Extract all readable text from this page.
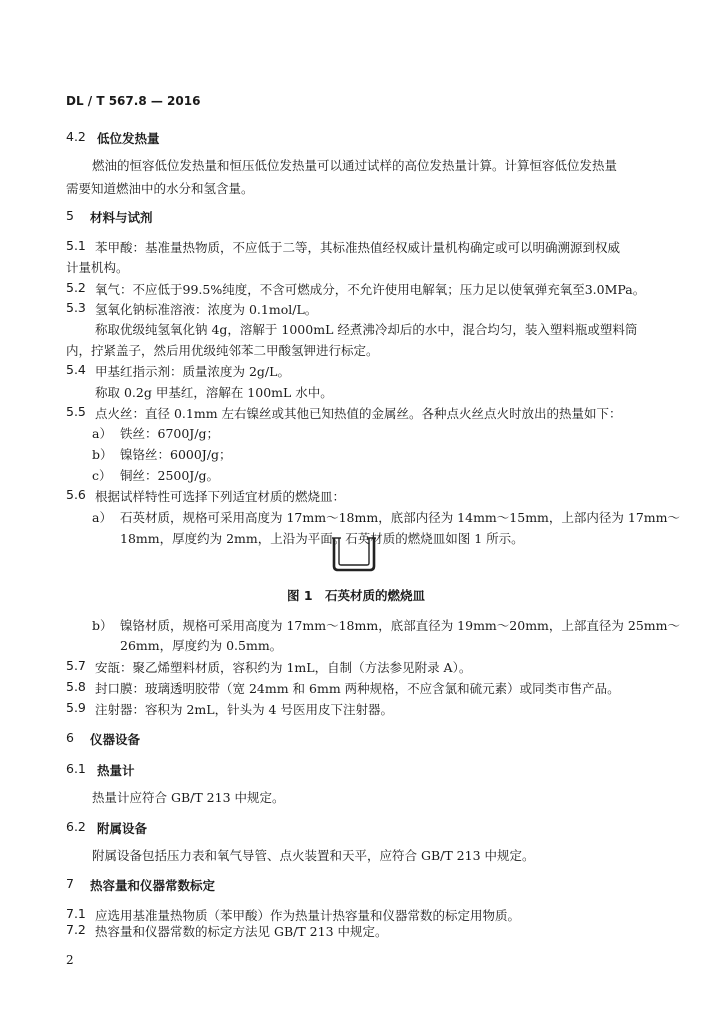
DL / T 567.8 — 2016
4.2 低位发热量
燃油的恒容低位发热量和恒压低位发热量可以通过试样的高位发热量计算。计算恒容低位发热量
需要知道燃油中的水分和氢含量。
5 材料与试剂
5.1 苯甲酸：基准量热物质，不应低于二等，其标准热值经权威计量机构确定或可以明确溯源到权威
计量机构。
5.2 氧气：不应低于99.5%纯度，不含可燃成分，不允许使用电解氧；压力足以使氧弹充氧至3.0MPa。
5.3 氢氧化钠标准溶液：浓度为 0.1mol/L。
称取优级纯氢氧化钠 4g，溶解于 1000mL 经煮沸冷却后的水中，混合均匀，装入塑料瓶或塑料筒
内，拧紧盖子，然后用优级纯邻苯二甲酸氢钾进行标定。
5.4 甲基红指示剂：质量浓度为 2g/L。
称取 0.2g 甲基红，溶解在 100mL 水中。
5.5 点火丝：直径 0.1mm 左右镍丝或其他已知热值的金属丝。各种点火丝点火时放出的热量如下：
a） 铁丝：6700J/g；
b） 镍铬丝：6000J/g；
c） 铜丝：2500J/g。
5.6 根据试样特性可选择下列适宜材质的燃烧皿：
a） 石英材质，规格可采用高度为 17mm～18mm，底部内径为 14mm～15mm，上部内径为 17mm～
18mm，厚度约为 2mm，上沿为平面。石英材质的燃烧皿如图 1 所示。
图 1　石英材质的燃烧皿
b） 镍铬材质，规格可采用高度为 17mm～18mm，底部直径为 19mm～20mm，上部直径为 25mm～
26mm，厚度约为 0.5mm。
5.7 安瓿：聚乙烯塑料材质，容积约为 1mL，自制（方法参见附录 A）。
5.8 封口膜：玻璃透明胶带（宽 24mm 和 6mm 两种规格，不应含氯和硫元素）或同类市售产品。
5.9 注射器：容积为 2mL，针头为 4 号医用皮下注射器。
6 仪器设备
6.1 热量计
热量计应符合 GB/T 213 中规定。
6.2 附属设备
附属设备包括压力表和氧气导管、点火装置和天平，应符合 GB/T 213 中规定。
7 热容量和仪器常数标定
7.1 应选用基准量热物质（苯甲酸）作为热量计热容量和仪器常数的标定用物质。
7.2 热容量和仪器常数的标定方法见 GB/T 213 中规定。
2
